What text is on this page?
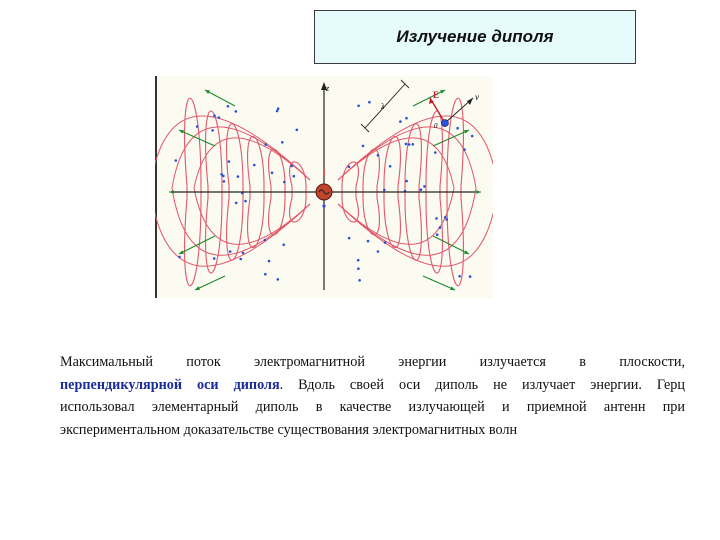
Излучение диполя
z
λ
E	v
0
Максимальный поток электромагнитной энергии излучается в плоскости,
перпендикулярной оси диполя. Вдоль своей оси диполь не излучает энергии. Герц
использовал элементарный диполь в качестве излучающей и приемной антенн при
экспериментальном доказательстве существования электромагнитных волн
